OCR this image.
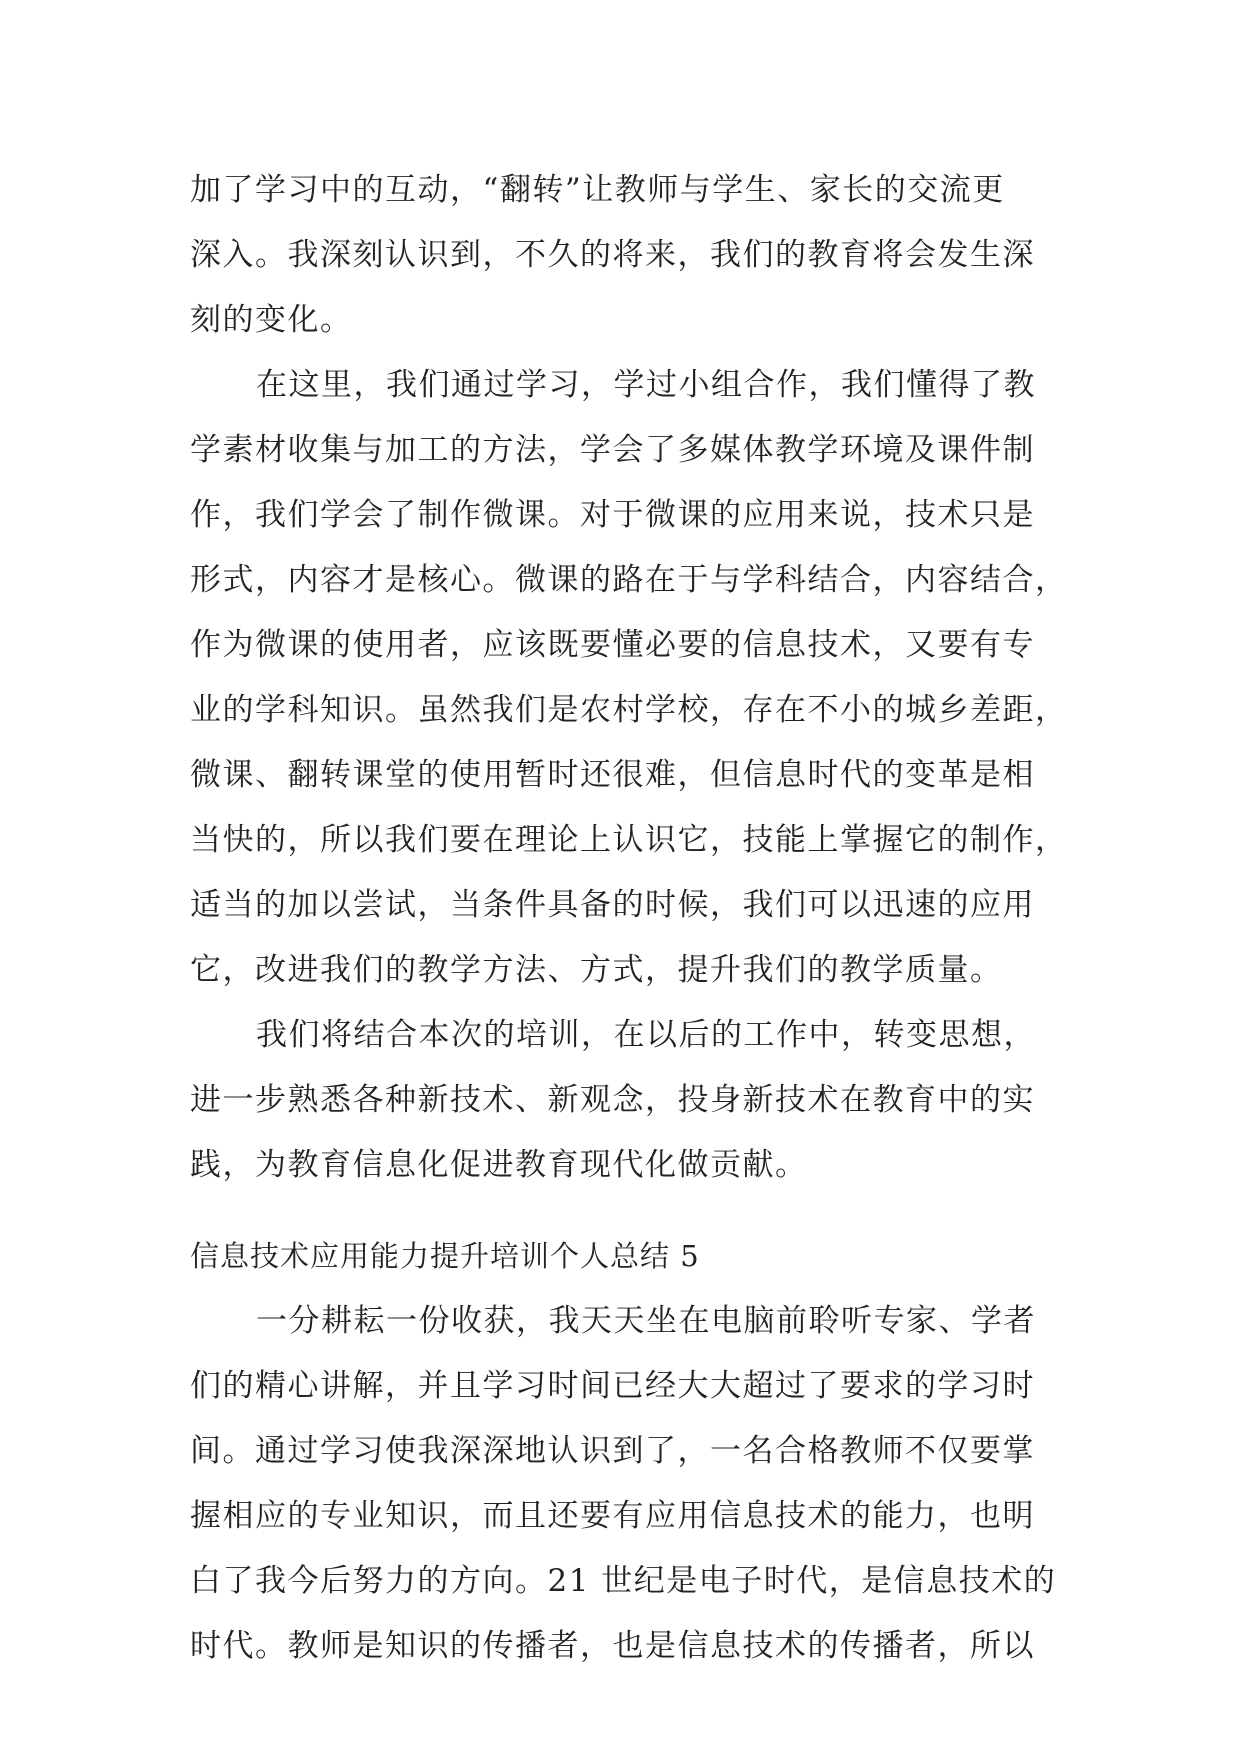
加了学习中的互动，“翻转”让教师与学生、家长的交流更
深入。我深刻认识到，不久的将来，我们的教育将会发生深
刻的变化。
在这里，我们通过学习，学过小组合作，我们懂得了教
学素材收集与加工的方法，学会了多媒体教学环境及课件制
作，我们学会了制作微课。对于微课的应用来说，技术只是
形式，内容才是核心。微课的路在于与学科结合，内容结合，
作为微课的使用者，应该既要懂必要的信息技术，又要有专
业的学科知识。虽然我们是农村学校，存在不小的城乡差距，
微课、翻转课堂的使用暂时还很难，但信息时代的变革是相
当快的，所以我们要在理论上认识它，技能上掌握它的制作，
适当的加以尝试，当条件具备的时候，我们可以迅速的应用
它，改进我们的教学方法、方式，提升我们的教学质量。
我们将结合本次的培训，在以后的工作中，转变思想，
进一步熟悉各种新技术、新观念，投身新技术在教育中的实
践，为教育信息化促进教育现代化做贡献。
信息技术应用能力提升培训个人总结 5
一分耕耘一份收获，我天天坐在电脑前聆听专家、学者
们的精心讲解，并且学习时间已经大大超过了要求的学习时
间。通过学习使我深深地认识到了，一名合格教师不仅要掌
握相应的专业知识，而且还要有应用信息技术的能力，也明
白了我今后努力的方向。21 世纪是电子时代，是信息技术的
时代。教师是知识的传播者，也是信息技术的传播者，所以
